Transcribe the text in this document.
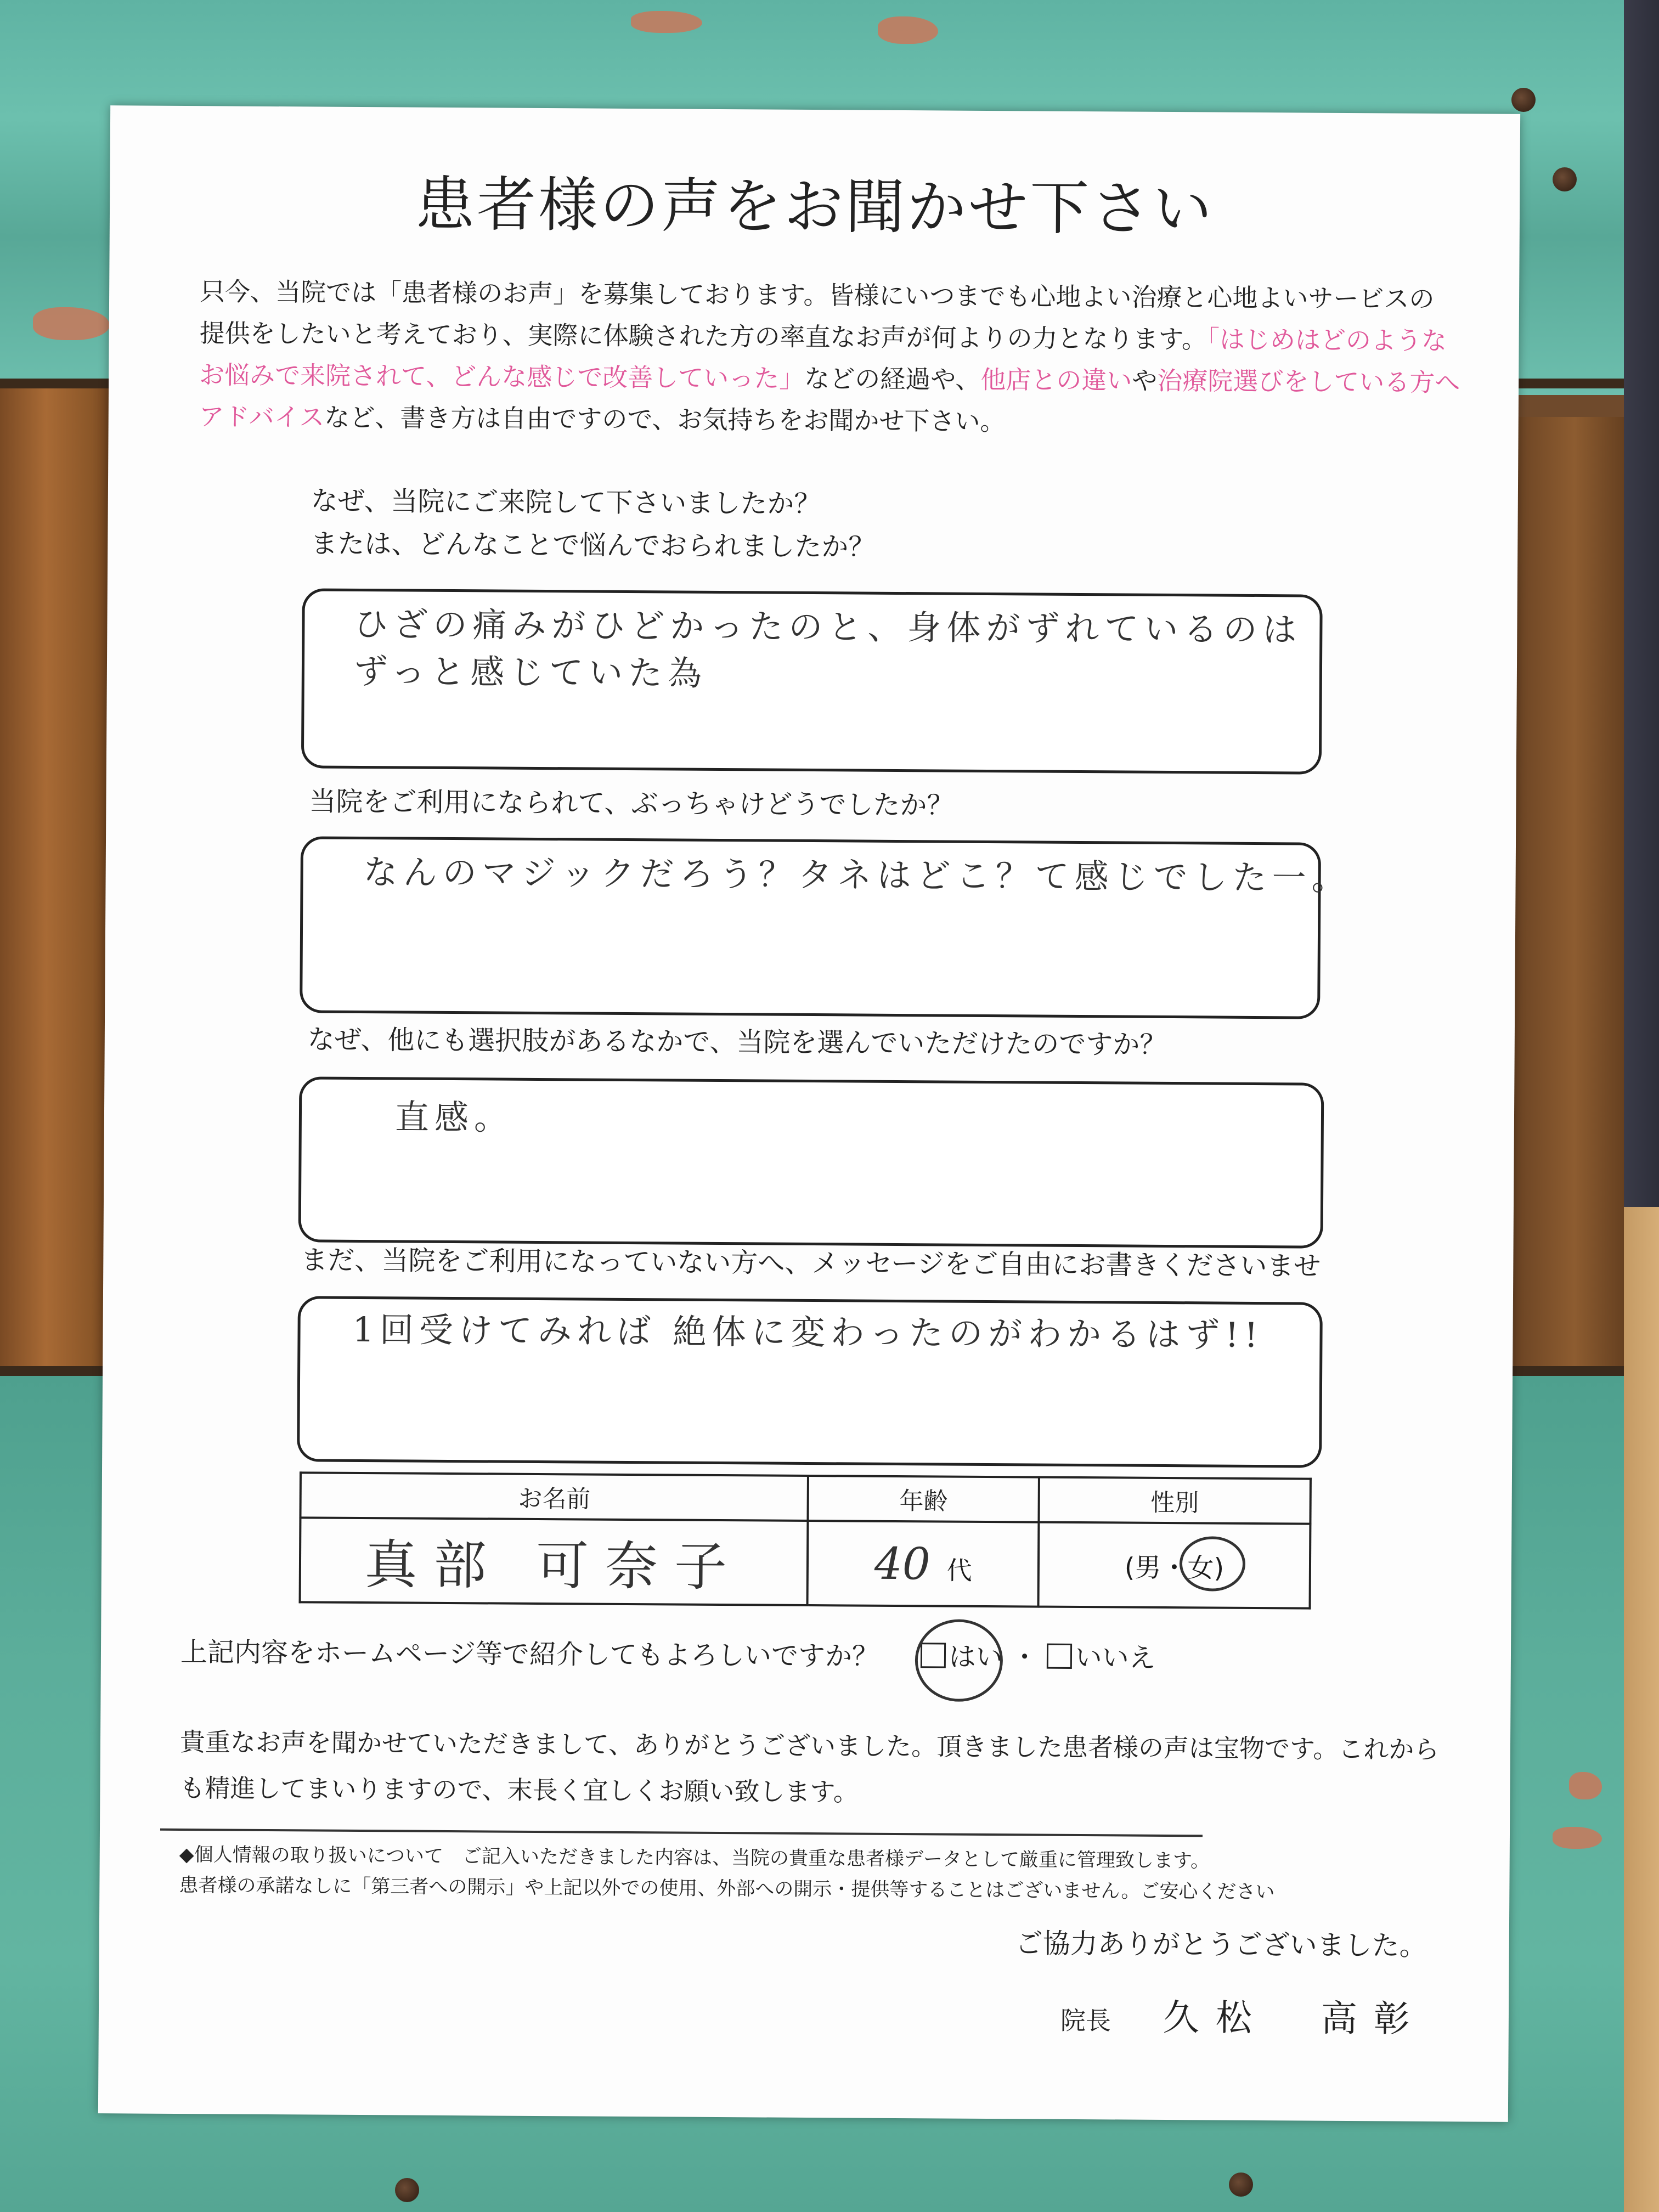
患者様の声をお聞かせ下さい
只今、当院では「患者様のお声」を募集しております。皆様にいつまでも心地よい治療と心地よいサービスの
提供をしたいと考えており、実際に体験された方の率直なお声が何よりの力となります。「はじめはどのような
お悩みで来院されて、どんな感じで改善していった」などの経過や、他店との違いや治療院選びをしている方へ
アドバイスなど、書き方は自由ですので、お気持ちをお聞かせ下さい。
なぜ、当院にご来院して下さいましたか？
または、どんなことで悩んでおられましたか？
ひざの痛みがひどかったのと、身体がずれているのは
ずっと感じていた為
当院をご利用になられて、ぶっちゃけどうでしたか？
なんのマジックだろう？タネはどこ？て感じでした一。
なぜ、他にも選択肢があるなかで、当院を選んでいただけたのですか？
直感。
まだ、当院をご利用になっていない方へ、メッセージをご自由にお書きくださいませ
1回受けてみれば 絶体に変わったのがわかるはず!!
お名前	年齢	性別
真部 可奈子	40 代	(男・女)
上記内容をホームページ等で紹介してもよろしいですか？	はい ・ いいえ
貴重なお声を聞かせていただきまして、ありがとうございました。頂きました患者様の声は宝物です。これから
も精進してまいりますので、末長く宜しくお願い致します。
◆個人情報の取り扱いについて　ご記入いただきました内容は、当院の貴重な患者様データとして厳重に管理致します。
患者様の承諾なしに「第三者への開示」や上記以外での使用、外部への開示・提供等することはございません。ご安心ください
ご協力ありがとうございました。
院長 久松　高彰
